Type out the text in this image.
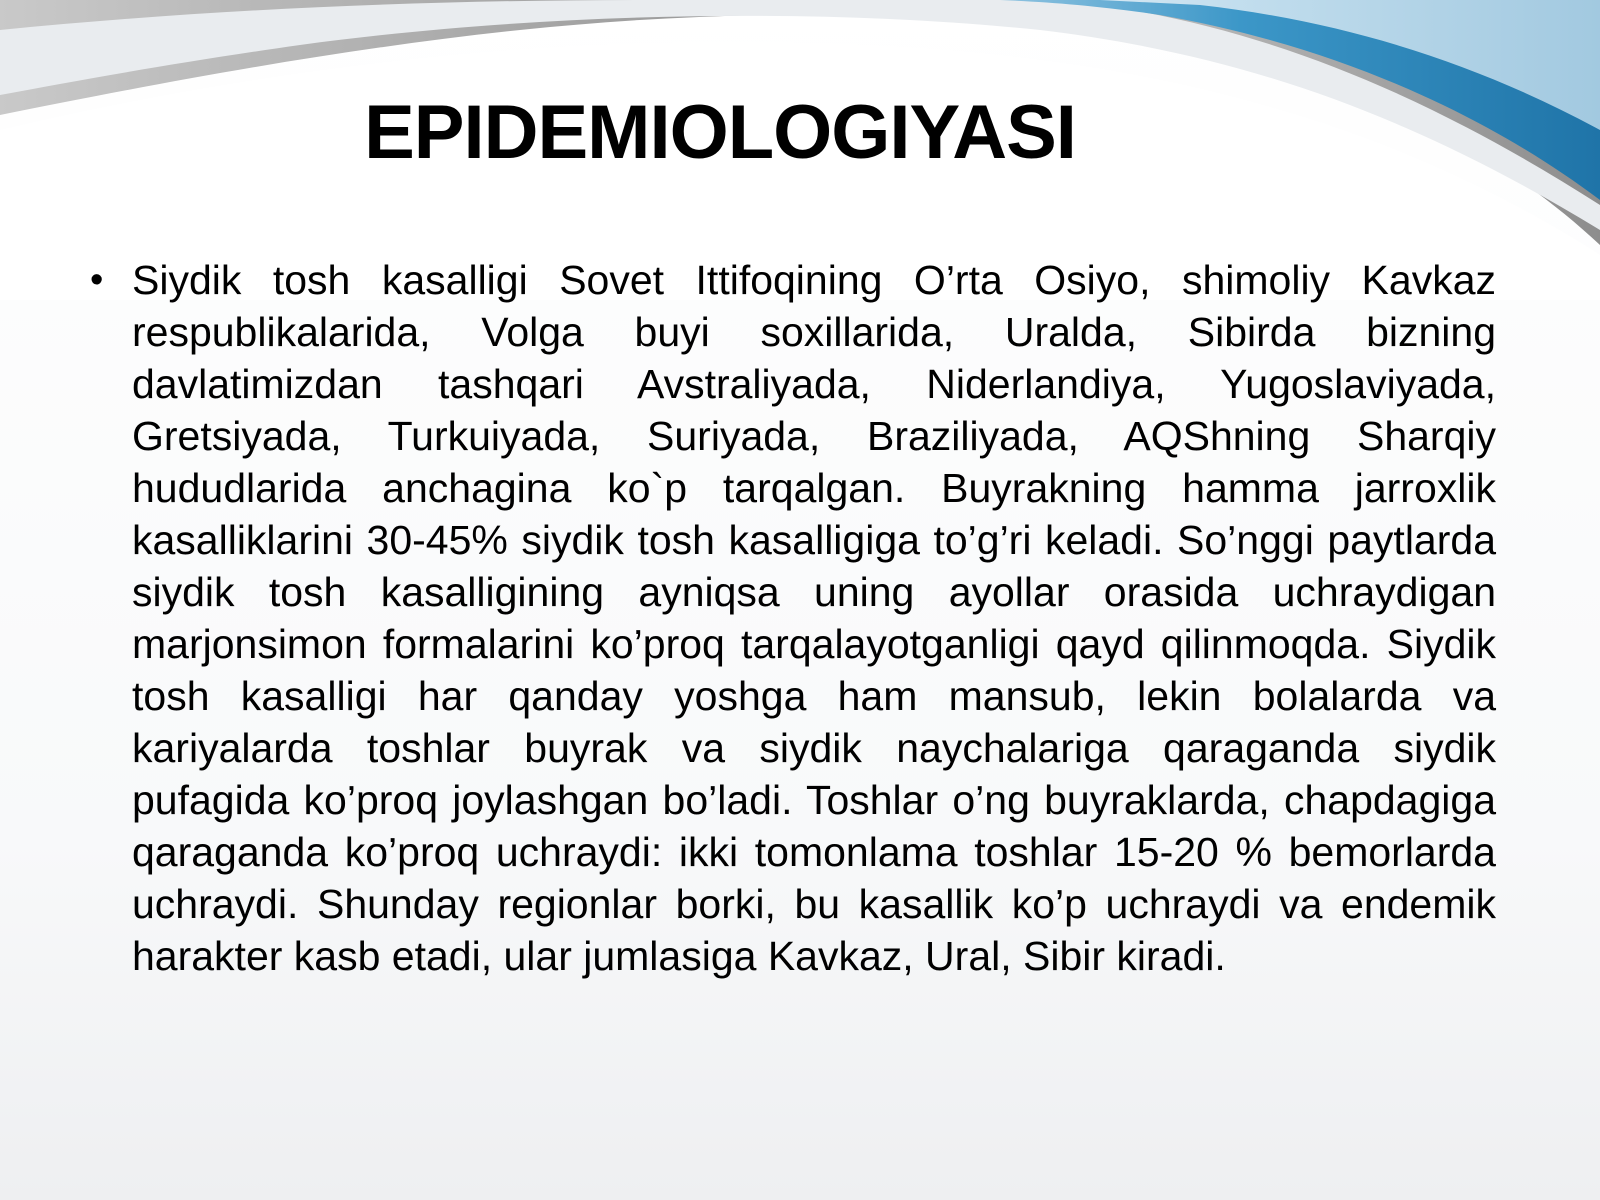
EPIDEMIOLOGIYASI
• Siydik tosh kasalligi Sovet Ittifoqining O’rta Osiyo, shimoliy Kavkaz respublikalarida, Volga buyi soxillarida, Uralda, Sibirda bizning davlatimizdan tashqari Avstraliyada, Niderlandiya, Yugoslaviyada, Gretsiyada, Turkuiyada, Suriyada, Braziliyada, AQShning Sharqiy hududlarida anchagina ko`p tarqalgan. Buyrakning hamma jarroxlik kasalliklarini 30-45% siydik tosh kasalligiga to’g’ri keladi. So’nggi paytlarda siydik tosh kasalligining ayniqsa uning ayollar orasida uchraydigan marjonsimon formalarini ko’proq tarqalayotganligi qayd qilinmoqda. Siydik tosh kasalligi har qanday yoshga ham mansub, lekin bolalarda va kariyalarda toshlar buyrak va siydik naychalariga qaraganda siydik pufagida ko’proq joylashgan bo’ladi. Toshlar o’ng buyraklarda, chapdagiga qaraganda ko’proq uchraydi: ikki tomonlama toshlar 15-20 % bemorlarda uchraydi. Shunday regionlar borki, bu kasallik ko’p uchraydi va endemik harakter kasb etadi, ular jumlasiga Kavkaz, Ural, Sibir kiradi.
